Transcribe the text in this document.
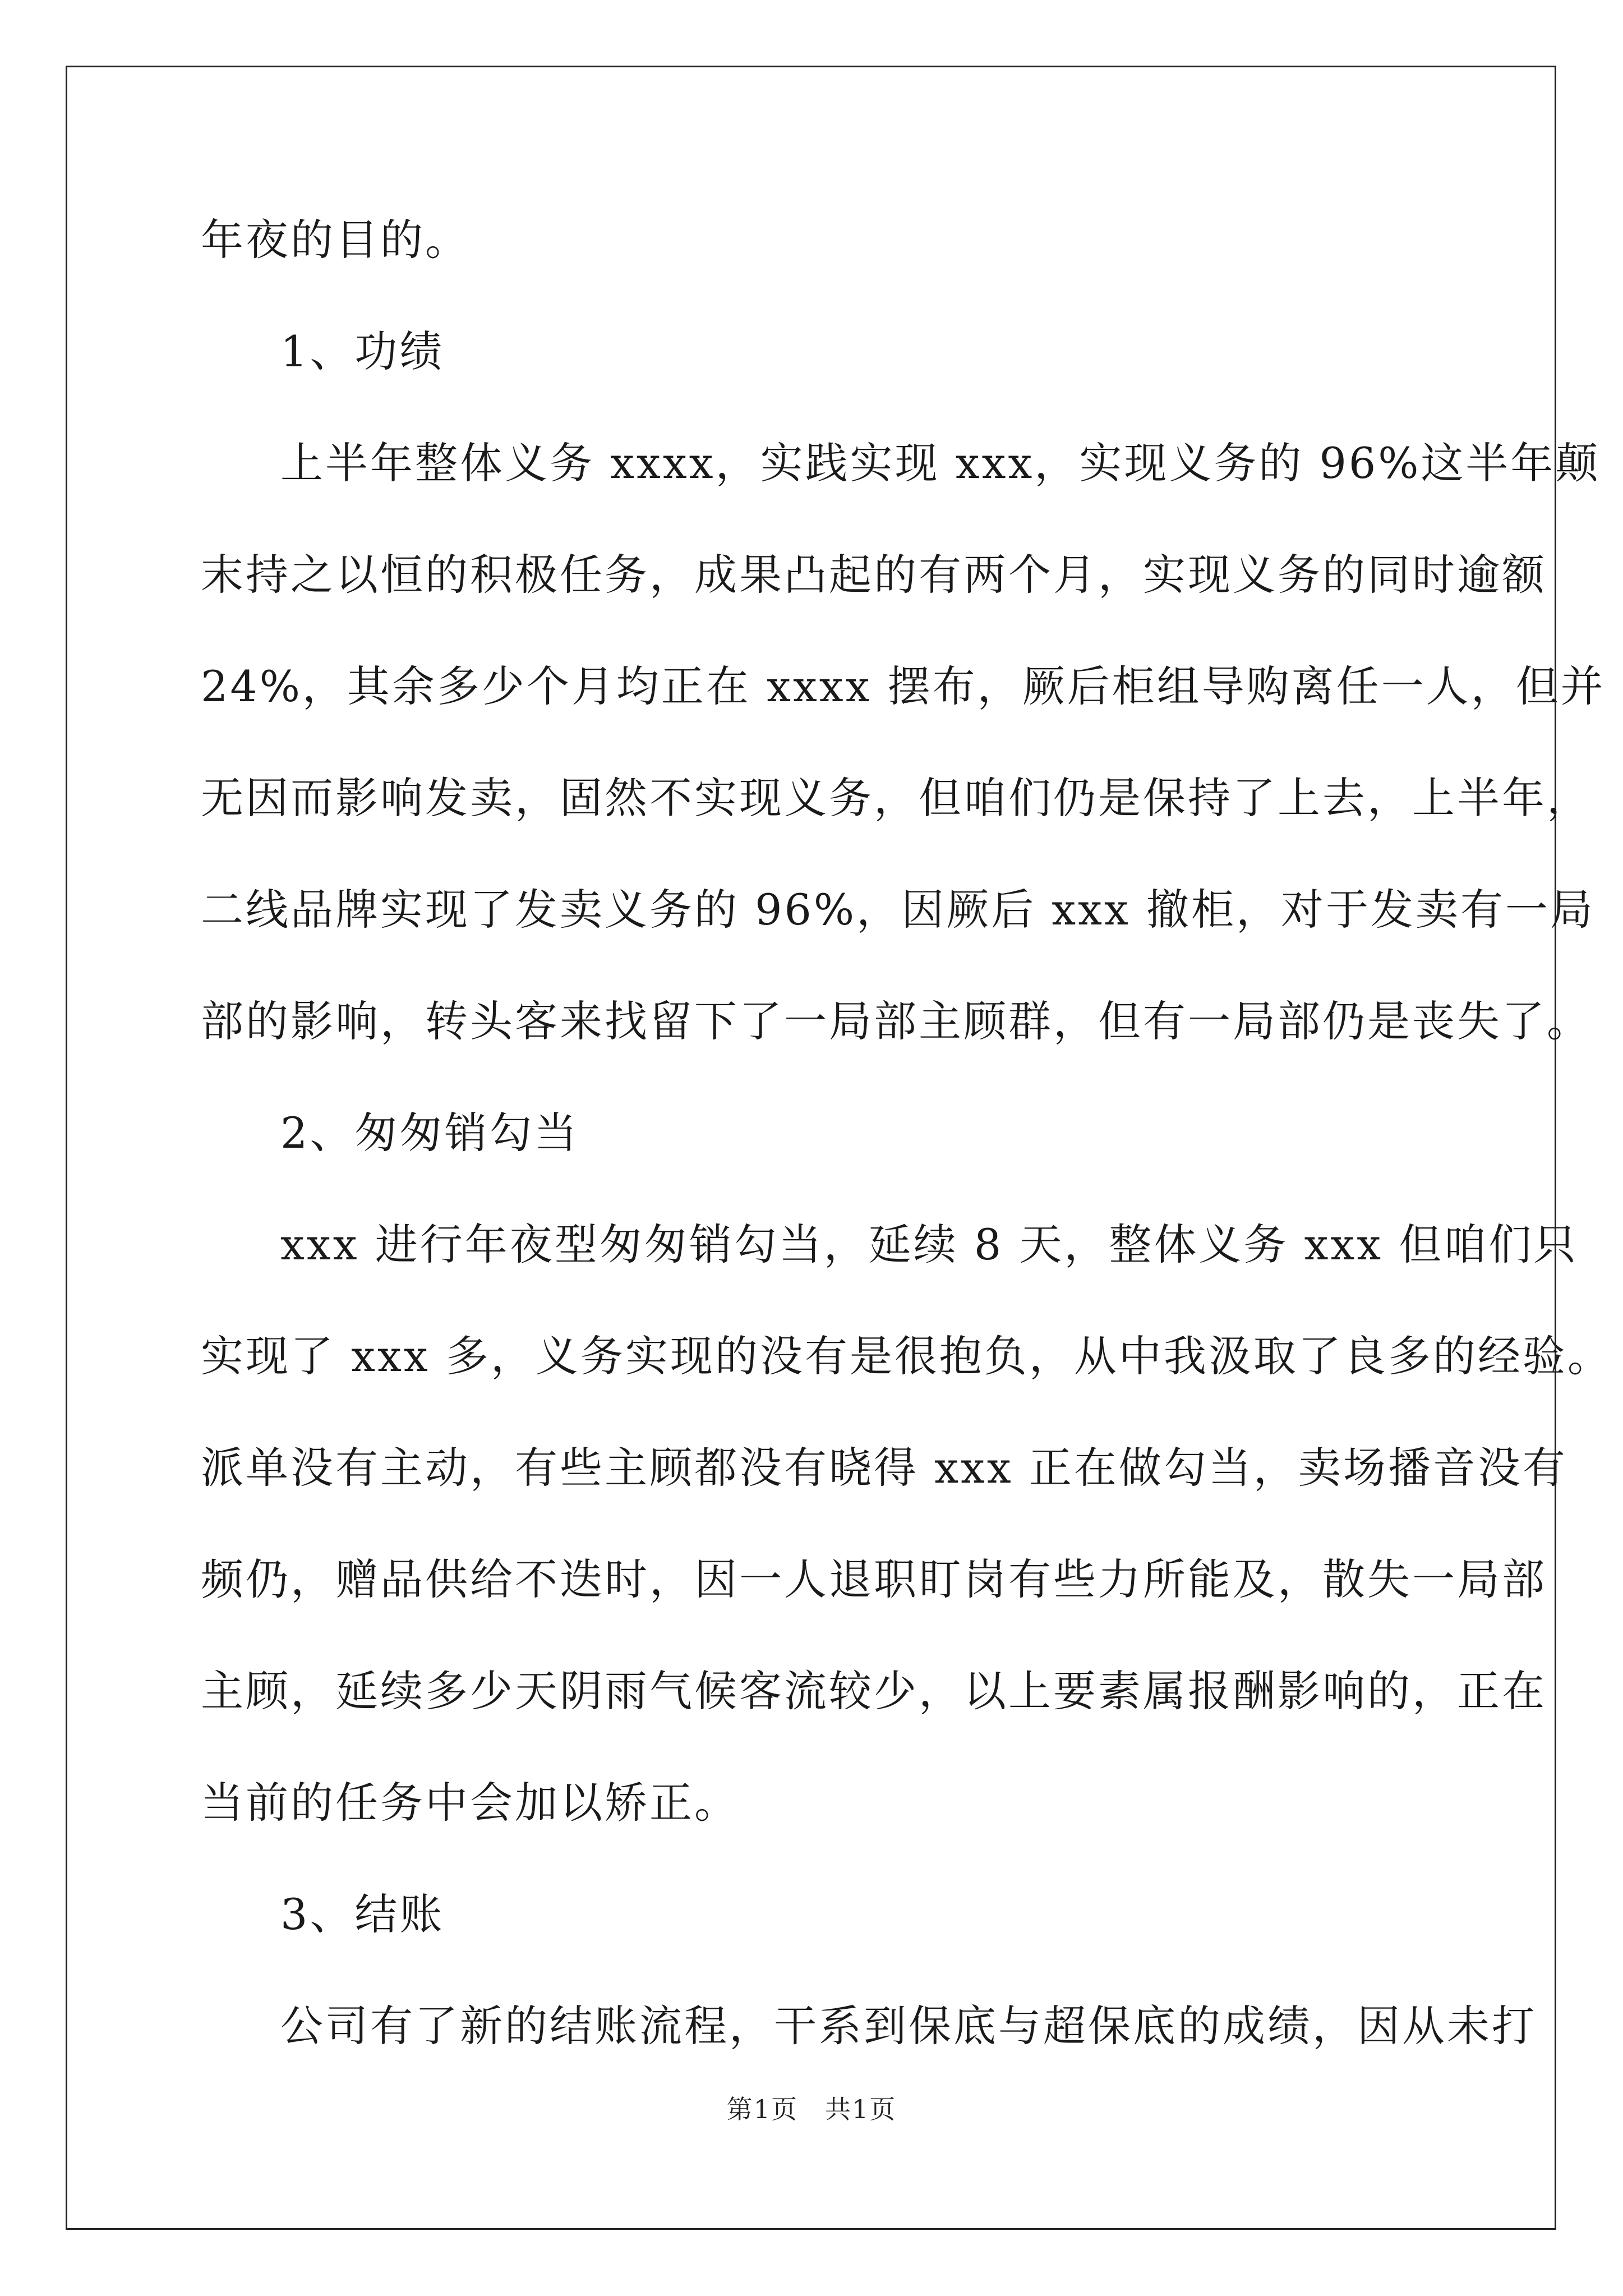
年夜的目的。
1、功绩
上半年整体义务 xxxx，实践实现 xxx，实现义务的 96%这半年颠
末持之以恒的积极任务，成果凸起的有两个月，实现义务的同时逾额
24%，其余多少个月均正在 xxxx 摆布，厥后柜组导购离任一人，但并
无因而影响发卖，固然不实现义务，但咱们仍是保持了上去，上半年，
二线品牌实现了发卖义务的 96%，因厥后 xxx 撤柜，对于发卖有一局
部的影响，转头客来找留下了一局部主顾群，但有一局部仍是丧失了。
2、匆匆销勾当
xxx 进行年夜型匆匆销勾当，延续 8 天，整体义务 xxx 但咱们只
实现了 xxx 多，义务实现的没有是很抱负，从中我汲取了良多的经验。
派单没有主动，有些主顾都没有晓得 xxx 正在做勾当，卖场播音没有
频仍，赠品供给不迭时，因一人退职盯岗有些力所能及，散失一局部
主顾，延续多少天阴雨气候客流较少，以上要素属报酬影响的，正在
当前的任务中会加以矫正。
3、结账
公司有了新的结账流程，干系到保底与超保底的成绩，因从未打
第1页 共1页
